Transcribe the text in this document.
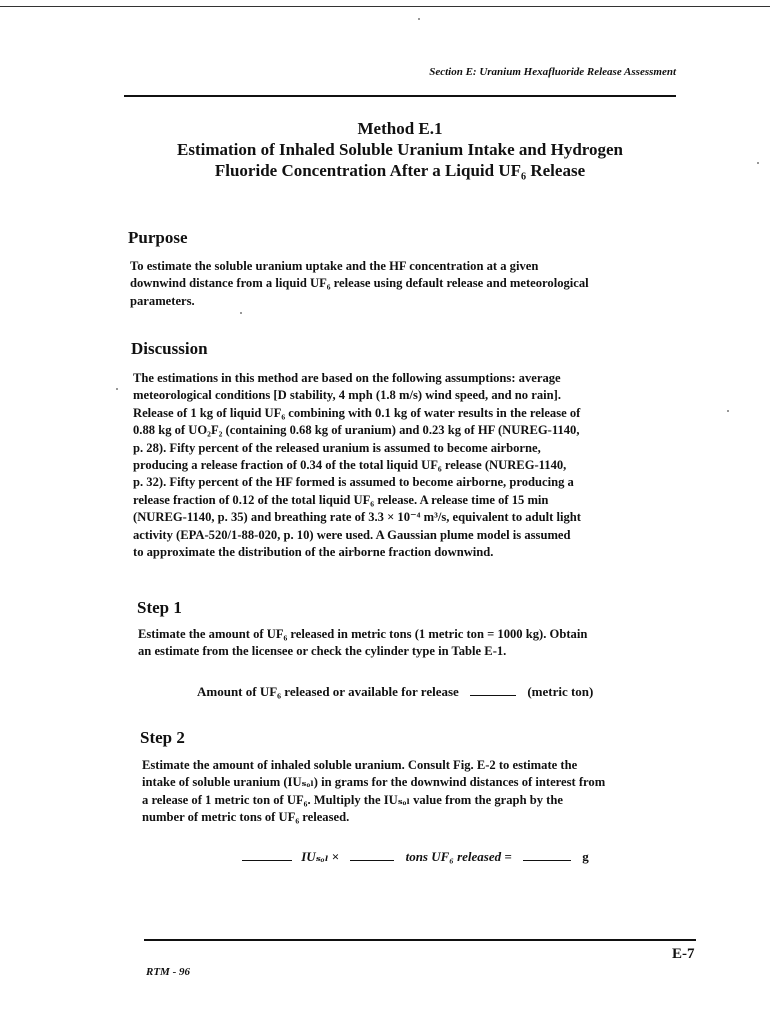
Section E: Uranium Hexafluoride Release Assessment
Method E.1
Estimation of Inhaled Soluble Uranium Intake and Hydrogen
Fluoride Concentration After a Liquid UF₆ Release
Purpose

To estimate the soluble uranium uptake and the HF concentration at a given

downwind distance from a liquid UF₆ release using default release and meteorological

parameters.

Discussion

The estimations in this method are based on the following assumptions: average

meteorological conditions [D stability, 4 mph (1.8 m/s) wind speed, and no rain].

Release of 1 kg of liquid UF₆ combining with 0.1 kg of water results in the release of

0.88 kg of UO₂F₂ (containing 0.68 kg of uranium) and 0.23 kg of HF (NUREG-1140,

p. 28). Fifty percent of the released uranium is assumed to become airborne,

producing a release fraction of 0.34 of the total liquid UF₆ release (NUREG-1140,

p. 32). Fifty percent of the HF formed is assumed to become airborne, producing a

release fraction of 0.12 of the total liquid UF₆ release. A release time of 15 min

(NUREG-1140, p. 35) and breathing rate of 3.3 × 10⁻⁴ m³/s, equivalent to adult light

activity (EPA-520/1-88-020, p. 10) were used. A Gaussian plume model is assumed

to approximate the distribution of the airborne fraction downwind.

Step 1

Estimate the amount of UF₆ released in metric tons (1 metric ton = 1000 kg). Obtain

an estimate from the licensee or check the cylinder type in Table E-1.

Amount of UF₆ released or available for release	(metric ton)
Step 2

Estimate the amount of inhaled soluble uranium. Consult Fig. E-2 to estimate the

intake of soluble uranium (IUₛₒₗ) in grams for the downwind distances of interest from

a release of 1 metric ton of UF₆. Multiply the IUₛₒₗ value from the graph by the

number of metric tons of UF₆ released.

IUₛₒₗ ×	tons UF₆ released =	g
RTM - 96
E-7
